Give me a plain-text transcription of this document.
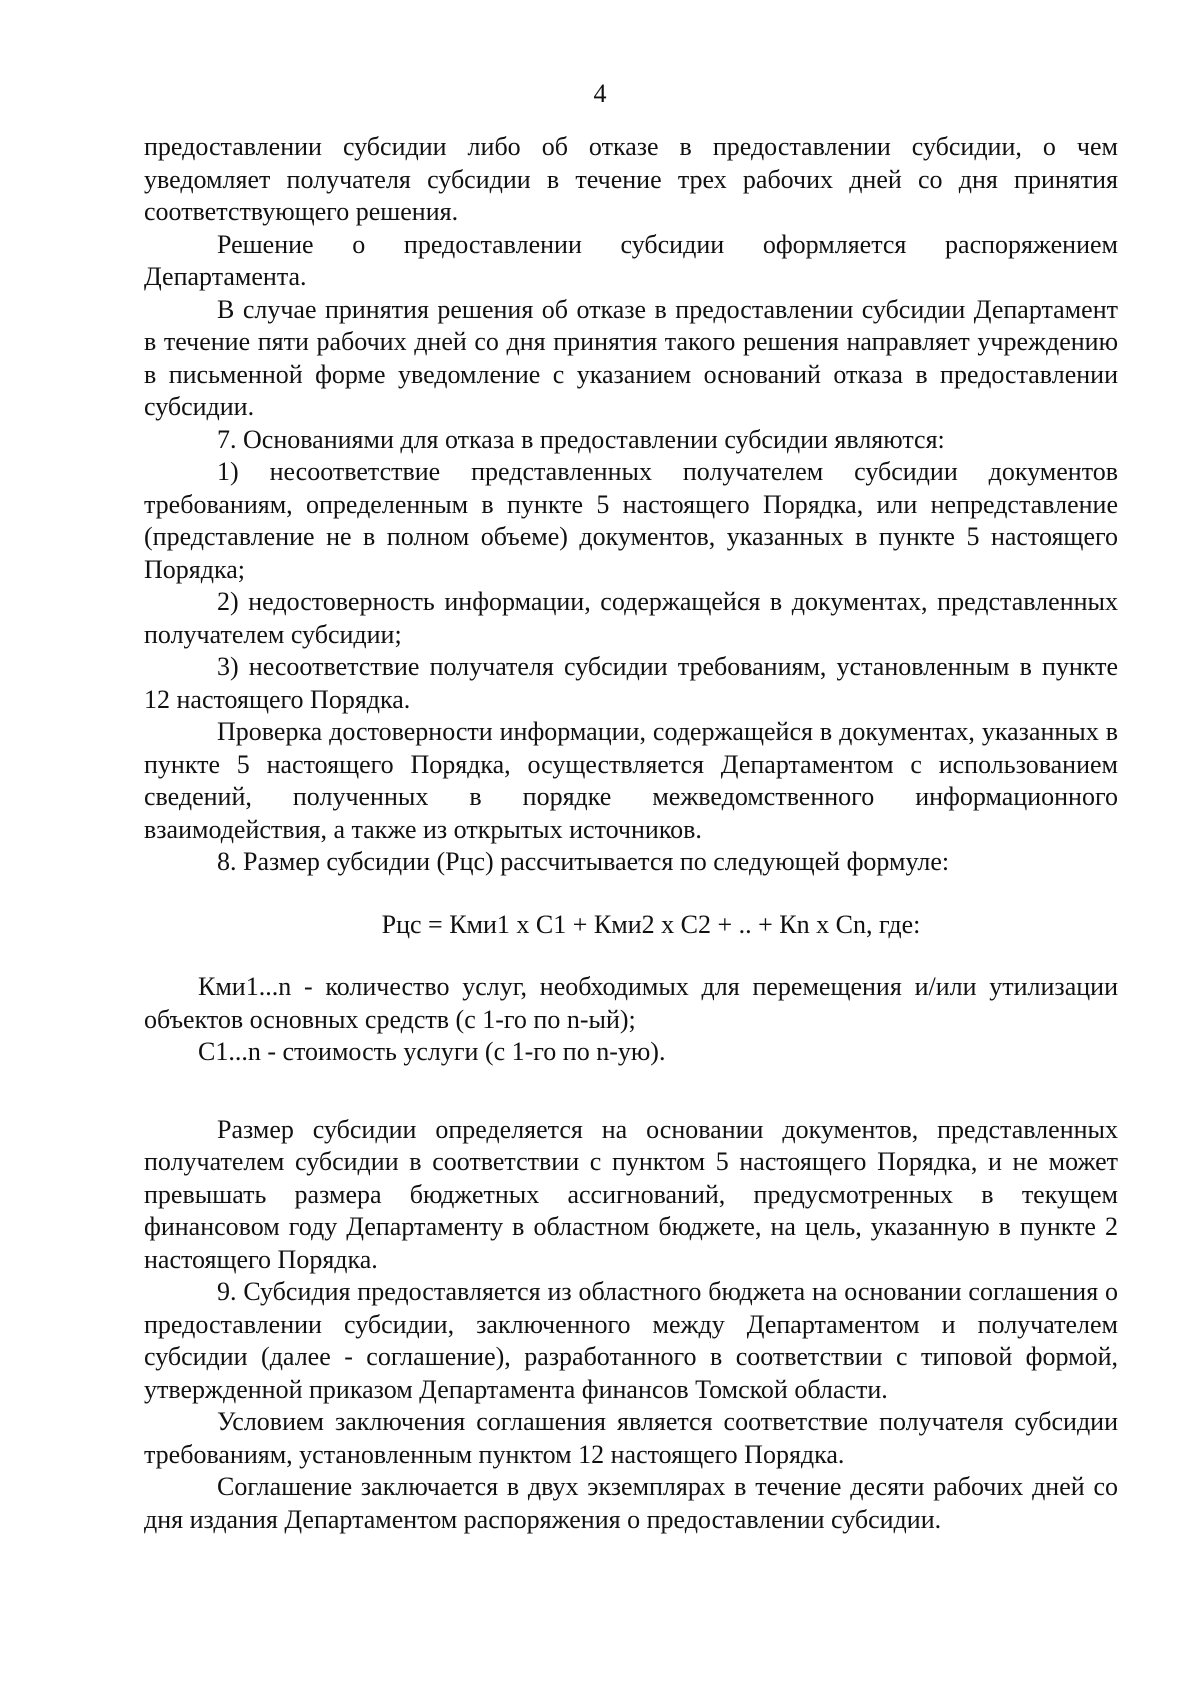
4

предоставлении субсидии либо об отказе в предоставлении субсидии, о чем уведомляет получателя субсидии в течение трех рабочих дней со дня принятия соответствующего решения.

Решение о предоставлении субсидии оформляется распоряжением Департамента.

В случае принятия решения об отказе в предоставлении субсидии Департамент в течение пяти рабочих дней со дня принятия такого решения направляет учреждению в письменной форме уведомление с указанием оснований отказа в предоставлении субсидии.

7. Основаниями для отказа в предоставлении субсидии являются:

1) несоответствие представленных получателем субсидии документов требованиям, определенным в пункте 5 настоящего Порядка, или непредставление (представление не в полном объеме) документов, указанных в пункте 5 настоящего Порядка;

2) недостоверность информации, содержащейся в документах, представленных получателем субсидии;

3) несоответствие получателя субсидии требованиям, установленным в пункте 12 настоящего Порядка.

Проверка достоверности информации, содержащейся в документах, указанных в пункте 5 настоящего Порядка, осуществляется Департаментом с использованием сведений, полученных в порядке межведомственного информационного взаимодействия, а также из открытых источников.

8. Размер субсидии (Рцс) рассчитывается по следующей формуле:

Рцс = Кми1 x С1 + Кми2 x С2 + .. + Кn x Сn, где:

Кми1...n - количество услуг, необходимых для перемещения и/или утилизации объектов основных средств (с 1-го по n-ый);

С1...n - стоимость услуги (с 1-го по n-ую).

Размер субсидии определяется на основании документов, представленных получателем субсидии в соответствии с пунктом 5 настоящего Порядка, и не может превышать размера бюджетных ассигнований, предусмотренных в текущем финансовом году Департаменту в областном бюджете, на цель, указанную в пункте 2 настоящего Порядка.

9. Субсидия предоставляется из областного бюджета на основании соглашения о предоставлении субсидии, заключенного между Департаментом и получателем субсидии (далее - соглашение), разработанного в соответствии с типовой формой, утвержденной приказом Департамента финансов Томской области.

Условием заключения соглашения является соответствие получателя субсидии требованиям, установленным пунктом 12 настоящего Порядка.

Соглашение заключается в двух экземплярах в течение десяти рабочих дней со дня издания Департаментом распоряжения о предоставлении субсидии.
